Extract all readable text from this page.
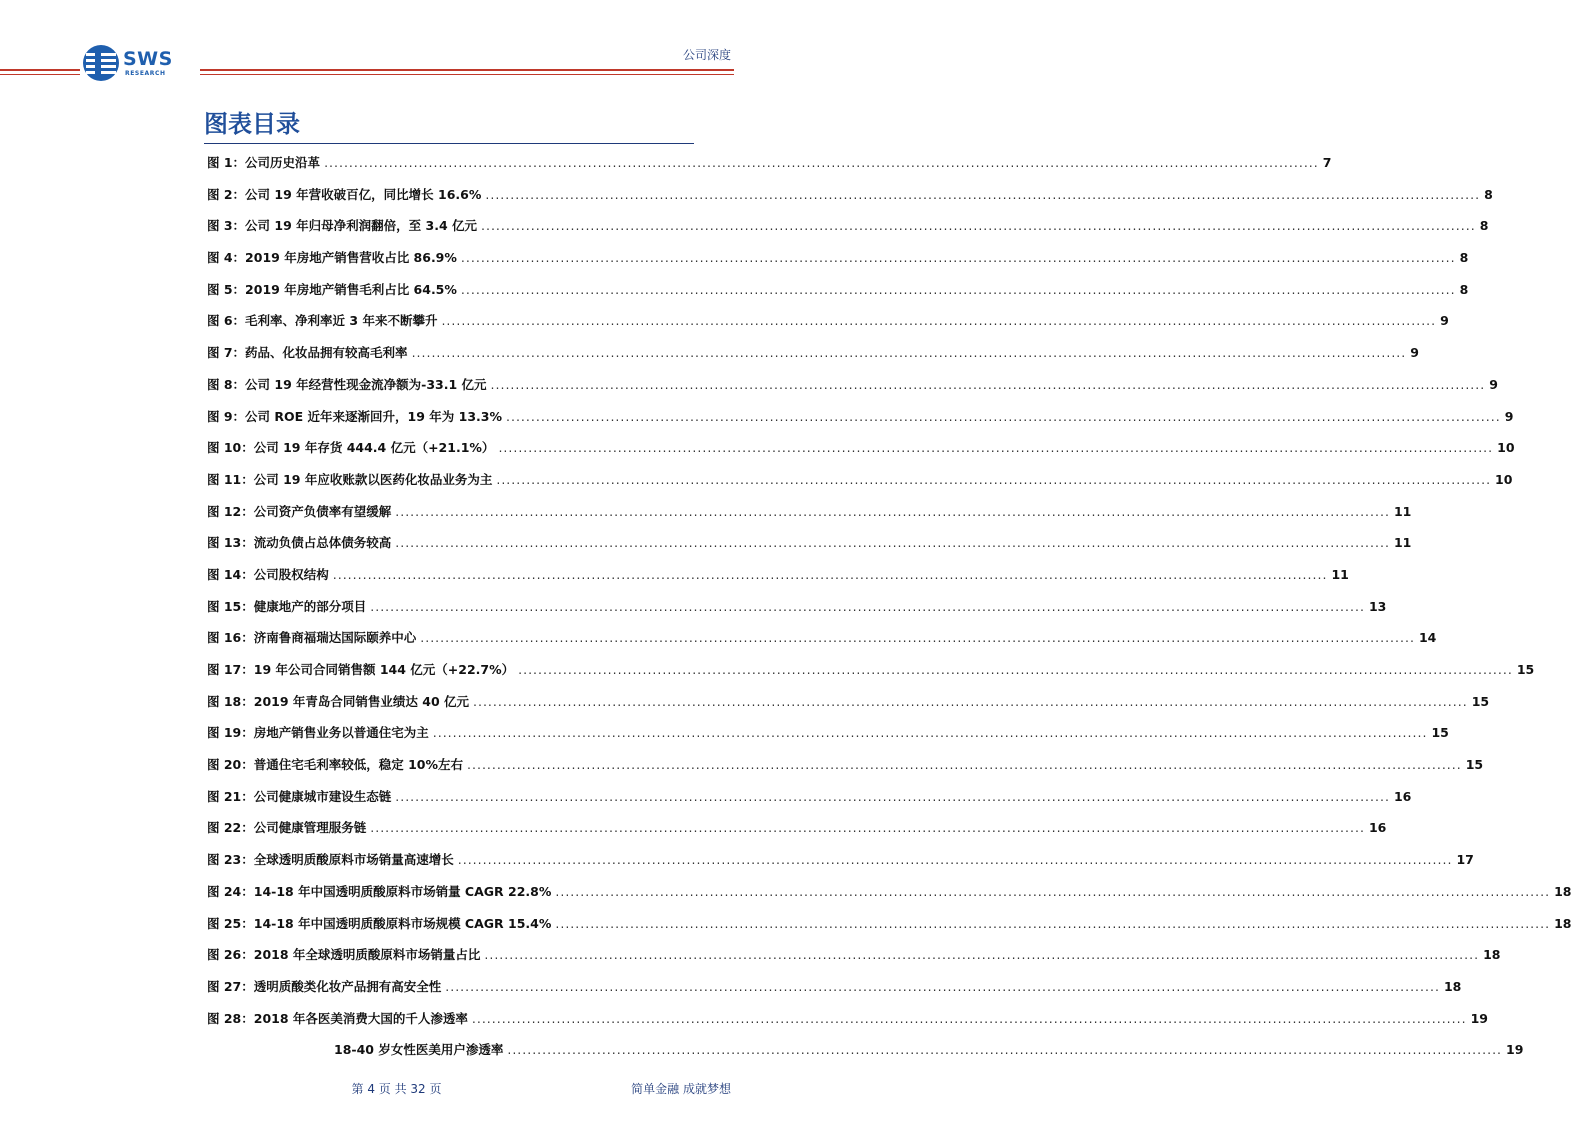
SWS
RESEARCH
公司深度
图表目录
图 1：公司历史沿革 ........................................................................................................................................................................................................ 7
图 2：公司 19 年营收破百亿，同比增长 16.6% ........................................................................................................................................................................................................ 8
图 3：公司 19 年归母净利润翻倍，至 3.4 亿元 ........................................................................................................................................................................................................ 8
图 4：2019 年房地产销售营收占比 86.9% ........................................................................................................................................................................................................ 8
图 5：2019 年房地产销售毛利占比 64.5% ........................................................................................................................................................................................................ 8
图 6：毛利率、净利率近 3 年来不断攀升 ........................................................................................................................................................................................................ 9
图 7：药品、化妆品拥有较高毛利率 ........................................................................................................................................................................................................ 9
图 8：公司 19 年经营性现金流净额为-33.1 亿元 ........................................................................................................................................................................................................ 9
图 9：公司 ROE 近年来逐渐回升，19 年为 13.3% ........................................................................................................................................................................................................ 9
图 10：公司 19 年存货 444.4 亿元（+21.1%） ........................................................................................................................................................................................................ 10
图 11：公司 19 年应收账款以医药化妆品业务为主 ........................................................................................................................................................................................................ 10
图 12：公司资产负债率有望缓解 ........................................................................................................................................................................................................ 11
图 13：流动负债占总体债务较高 ........................................................................................................................................................................................................ 11
图 14：公司股权结构 ........................................................................................................................................................................................................ 11
图 15：健康地产的部分项目 ........................................................................................................................................................................................................ 13
图 16：济南鲁商福瑞达国际颐养中心 ........................................................................................................................................................................................................ 14
图 17：19 年公司合同销售额 144 亿元（+22.7%） ........................................................................................................................................................................................................ 15
图 18：2019 年青岛合同销售业绩达 40 亿元 ........................................................................................................................................................................................................ 15
图 19：房地产销售业务以普通住宅为主 ........................................................................................................................................................................................................ 15
图 20：普通住宅毛利率较低，稳定 10%左右 ........................................................................................................................................................................................................ 15
图 21：公司健康城市建设生态链 ........................................................................................................................................................................................................ 16
图 22：公司健康管理服务链 ........................................................................................................................................................................................................ 16
图 23：全球透明质酸原料市场销量高速增长 ........................................................................................................................................................................................................ 17
图 24：14-18 年中国透明质酸原料市场销量 CAGR 22.8% ........................................................................................................................................................................................................ 18
图 25：14-18 年中国透明质酸原料市场规模 CAGR 15.4% ........................................................................................................................................................................................................ 18
图 26：2018 年全球透明质酸原料市场销量占比 ........................................................................................................................................................................................................ 18
图 27：透明质酸类化妆产品拥有高安全性 ........................................................................................................................................................................................................ 18
图 28：2018 年各医美消费大国的千人渗透率 ........................................................................................................................................................................................................ 19
18-40 岁女性医美用户渗透率 ........................................................................................................................................................................................................ 19
第 4 页 共 32 页	简单金融 成就梦想
